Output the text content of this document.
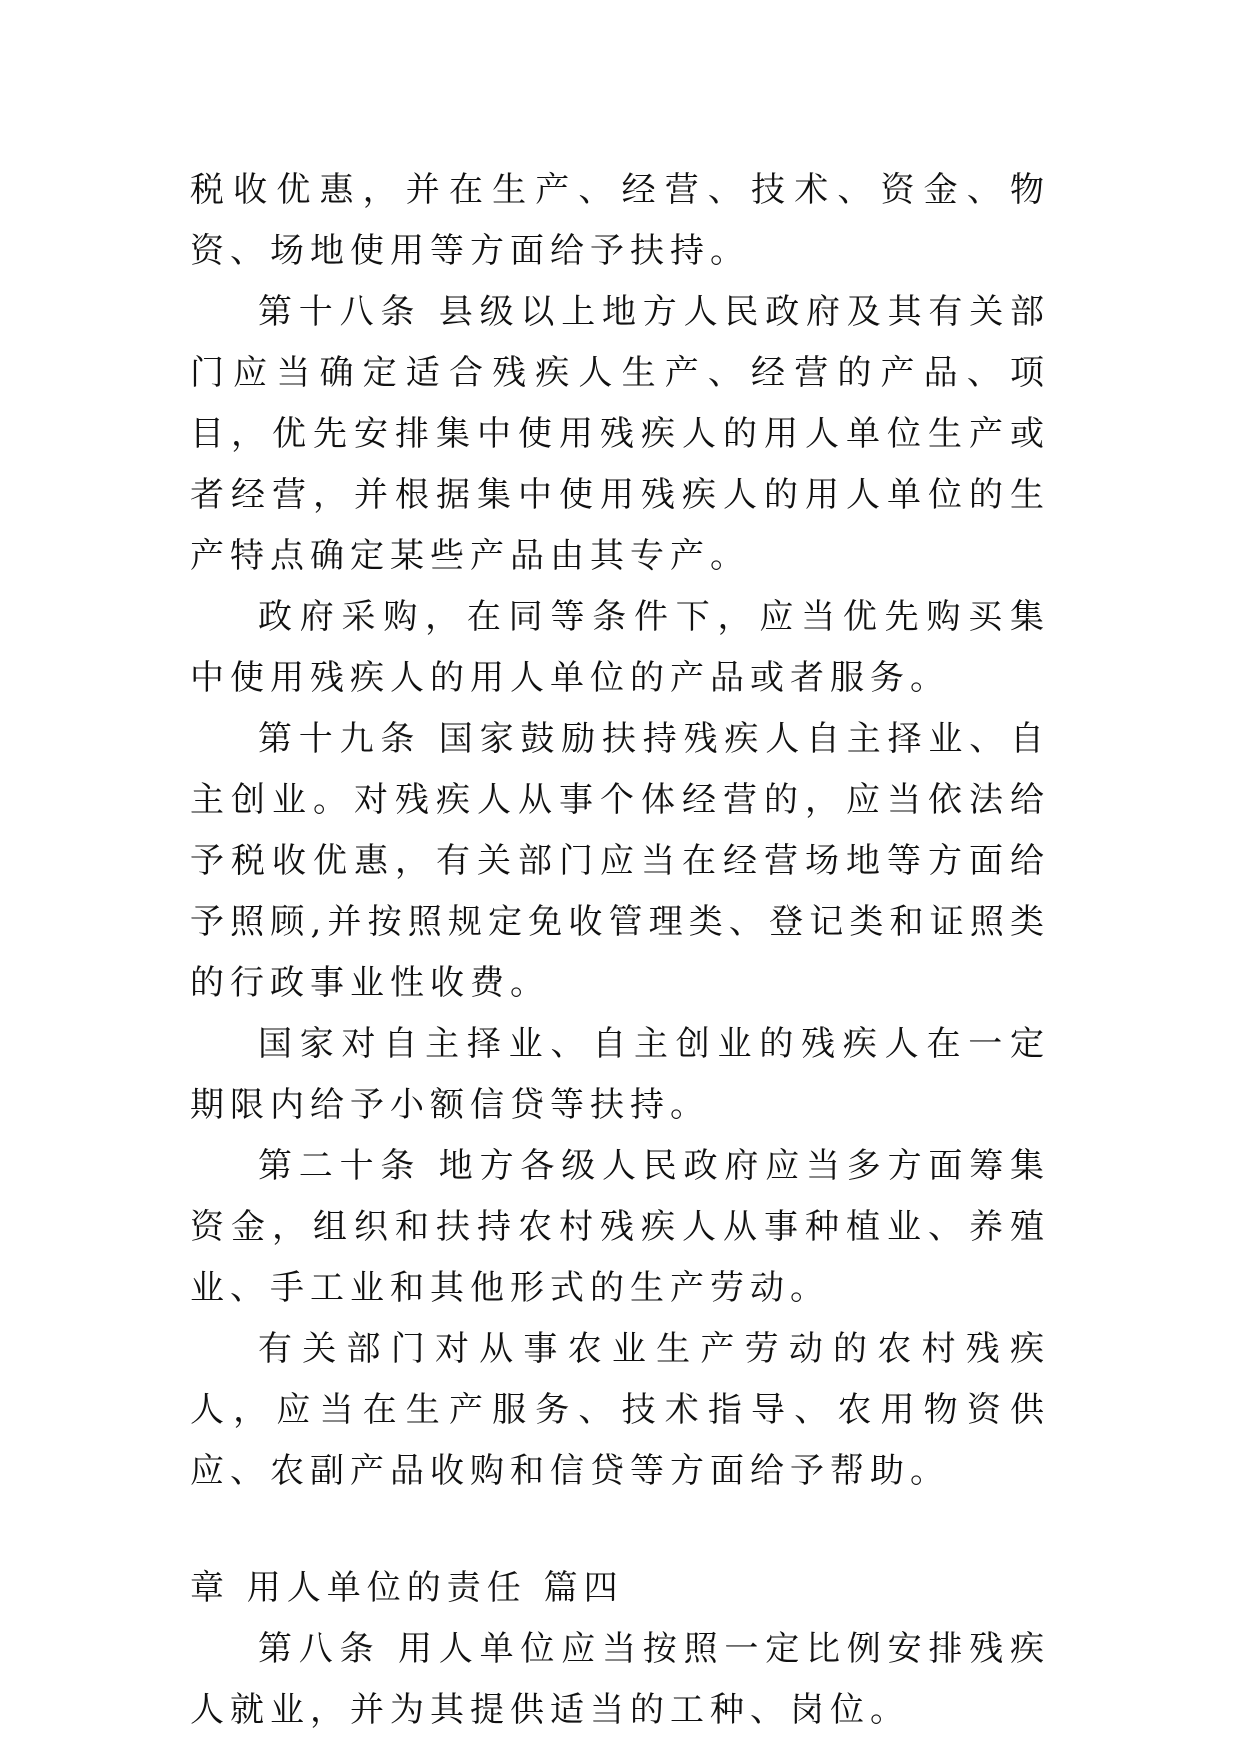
税收优惠，并在生产、经营、技术、资金、物资、场地使用等方面给予扶持。

第十八条 县级以上地方人民政府及其有关部门应当确定适合残疾人生产、经营的产品、项目，优先安排集中使用残疾人的用人单位生产或者经营，并根据集中使用残疾人的用人单位的生产特点确定某些产品由其专产。

政府采购，在同等条件下，应当优先购买集中使用残疾人的用人单位的产品或者服务。

第十九条 国家鼓励扶持残疾人自主择业、自主创业。对残疾人从事个体经营的，应当依法给予税收优惠，有关部门应当在经营场地等方面给予照顾,并按照规定免收管理类、登记类和证照类的行政事业性收费。

国家对自主择业、自主创业的残疾人在一定期限内给予小额信贷等扶持。

第二十条 地方各级人民政府应当多方面筹集资金，组织和扶持农村残疾人从事种植业、养殖业、手工业和其他形式的生产劳动。

有关部门对从事农业生产劳动的农村残疾人，应当在生产服务、技术指导、农用物资供应、农副产品收购和信贷等方面给予帮助。

章 用人单位的责任 篇四

第八条 用人单位应当按照一定比例安排残疾人就业，并为其提供适当的工种、岗位。
